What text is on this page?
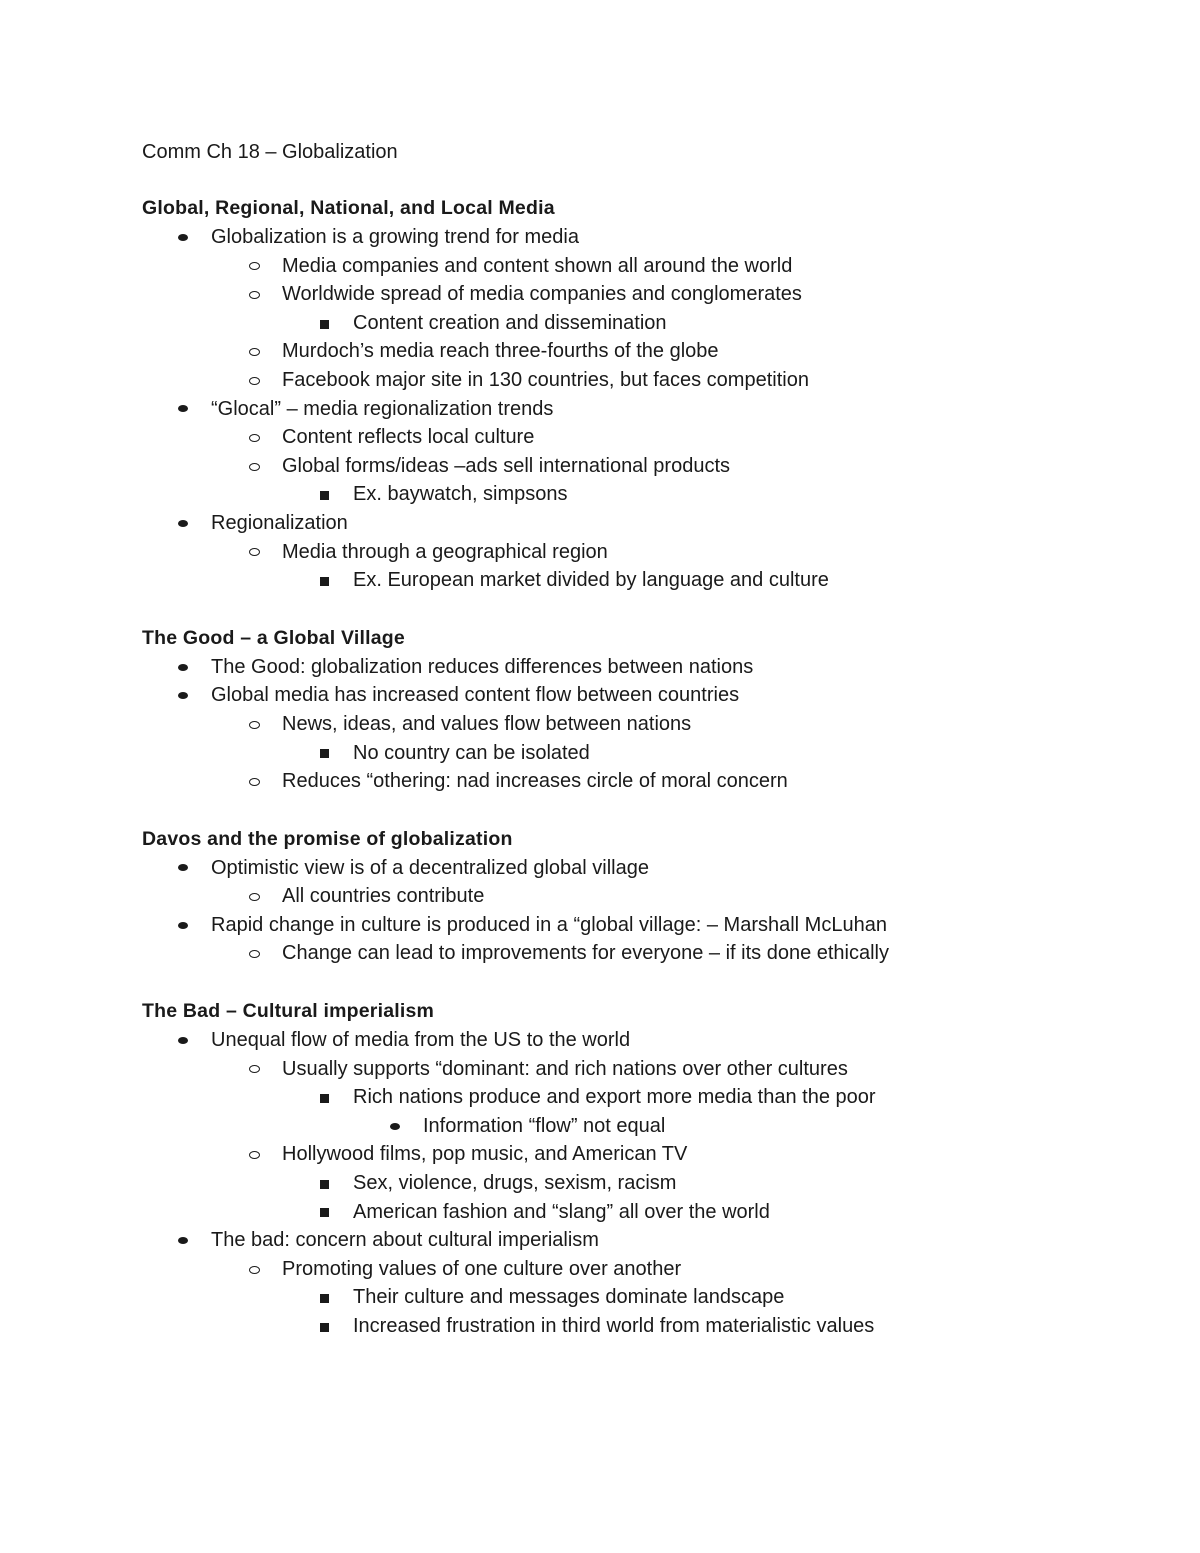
Comm Ch 18 – Globalization
Global, Regional, National, and Local Media
Globalization is a growing trend for media
Media companies and content shown all around the world
Worldwide spread of media companies and conglomerates
Content creation and dissemination
Murdoch’s media reach three-fourths of the globe
Facebook major site in 130 countries, but faces competition
“Glocal” – media regionalization trends
Content reflects local culture
Global forms/ideas –ads sell international products
Ex. baywatch, simpsons
Regionalization
Media through a geographical region
Ex. European market divided by language and culture
The Good – a Global Village
The Good: globalization reduces differences between nations
Global media has increased content flow between countries
News, ideas, and values flow between nations
No country can be isolated
Reduces “othering: nad increases circle of moral concern
Davos and the promise of globalization
Optimistic view is of a decentralized global village
All countries contribute
Rapid change in culture is produced in a “global village: – Marshall McLuhan
Change can lead to improvements for everyone – if its done ethically
The Bad – Cultural imperialism
Unequal flow of media from the US to the world
Usually supports “dominant: and rich nations over other cultures
Rich nations produce and export more media than the poor
Information “flow” not equal
Hollywood films, pop music, and American TV
Sex, violence, drugs, sexism, racism
American fashion and “slang” all over the world
The bad: concern about cultural imperialism
Promoting values of one culture over another
Their culture and messages dominate landscape
Increased frustration in third world from materialistic values
